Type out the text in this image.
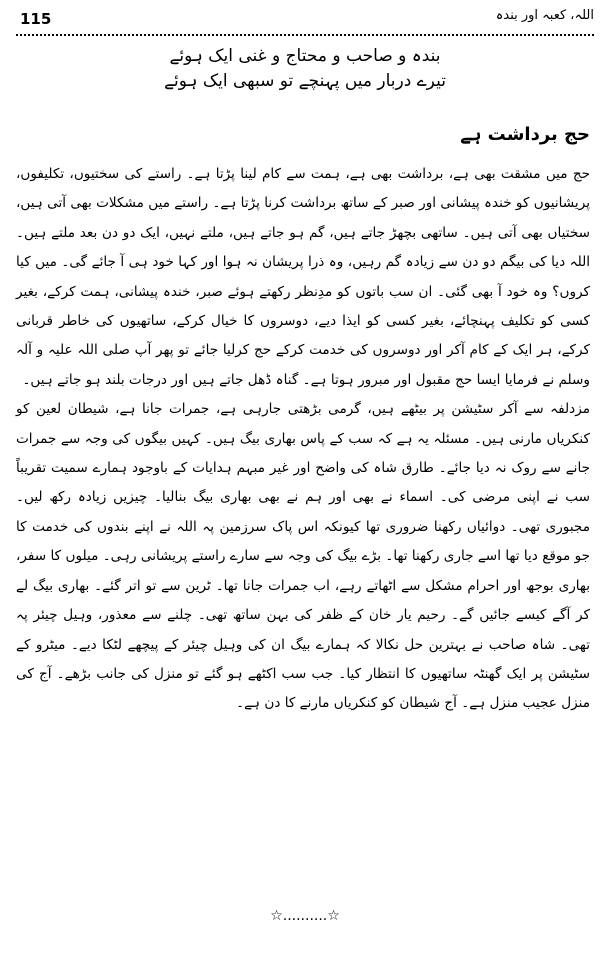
115	اللہ، کعبہ اور بندہ
بندہ و صاحب و محتاج و غنی ایک ہوئے
تیرے دربار میں پہنچے تو سبھی ایک ہوئے
حج برداشت ہے

حج میں مشقت بھی ہے، برداشت بھی ہے، ہمت سے کام لینا پڑتا ہے۔ راستے کی سختیوں، تکلیفوں، پریشانیوں کو خندہ پیشانی اور صبر کے ساتھ برداشت کرنا پڑتا ہے۔ راستے میں مشکلات بھی آتی ہیں، سختیاں بھی آتی ہیں۔ ساتھی بچھڑ جاتے ہیں، گم ہو جاتے ہیں، ملتے نہیں، ایک دو دن بعد ملتے ہیں۔ اللہ دیا کی بیگم دو دن سے زیادہ گم رہیں، وہ ذرا پریشان نہ ہوا اور کہا خود ہی آ جائے گی۔ میں کیا کروں؟ وہ خود آ بھی گئی۔ ان سب باتوں کو مدِنظر رکھتے ہوئے صبر، خندہ پیشانی، ہمت کرکے، بغیر کسی کو تکلیف پہنچائے، بغیر کسی کو ایذا دیے، دوسروں کا خیال کرکے، ساتھیوں کی خاطر قربانی کرکے، ہر ایک کے کام آکر اور دوسروں کی خدمت کرکے حج کرلیا جائے تو پھر آپ صلی اللہ علیہ و آلہ وسلم نے فرمایا ایسا حج مقبول اور مبرور ہوتا ہے۔ گناہ ڈھل جاتے ہیں اور درجات بلند ہو جاتے ہیں۔

مزدلفہ سے آکر سٹیشن پر بیٹھے ہیں، گرمی بڑھتی جارہی ہے، جمرات جانا ہے، شیطان لعین کو کنکریاں مارنی ہیں۔ مسئلہ یہ ہے کہ سب کے پاس بھاری بیگ ہیں۔ کہیں بیگوں کی وجہ سے جمرات جانے سے روک نہ دیا جائے۔ طارق شاہ کی واضح اور غیر مبہم ہدایات کے باوجود ہمارے سمیت تقریباً سب نے اپنی مرضی کی۔ اسماء نے بھی اور ہم نے بھی بھاری بیگ بنالیا۔ چیزیں زیادہ رکھ لیں۔ مجبوری تھی۔ دوائیاں رکھنا ضروری تھا کیونکہ اس پاک سرزمین پہ اللہ نے اپنے بندوں کی خدمت کا جو موقع دیا تھا اسے جاری رکھنا تھا۔ بڑے بیگ کی وجہ سے سارے راستے پریشانی رہی۔ میلوں کا سفر، بھاری بوجھ اور احرام مشکل سے اٹھاتے رہے، اب جمرات جانا تھا۔ ٹرین سے تو اتر گئے۔ بھاری بیگ لے کر آگے کیسے جائیں گے۔ رحیم یار خان کے ظفر کی بہن ساتھ تھی۔ چلنے سے معذور، وہیل چیئر پہ تھی۔ شاہ صاحب نے بہترین حل نکالا کہ ہمارے بیگ ان کی وہیل چیئر کے پیچھے لٹکا دیے۔ میٹرو کے سٹیشن پر ایک گھنٹہ ساتھیوں کا انتظار کیا۔ جب سب اکٹھے ہو گئے تو منزل کی جانب بڑھے۔ آج کی منزل عجیب منزل ہے۔ آج شیطان کو کنکریاں مارنے کا دن ہے۔

☆..........☆
